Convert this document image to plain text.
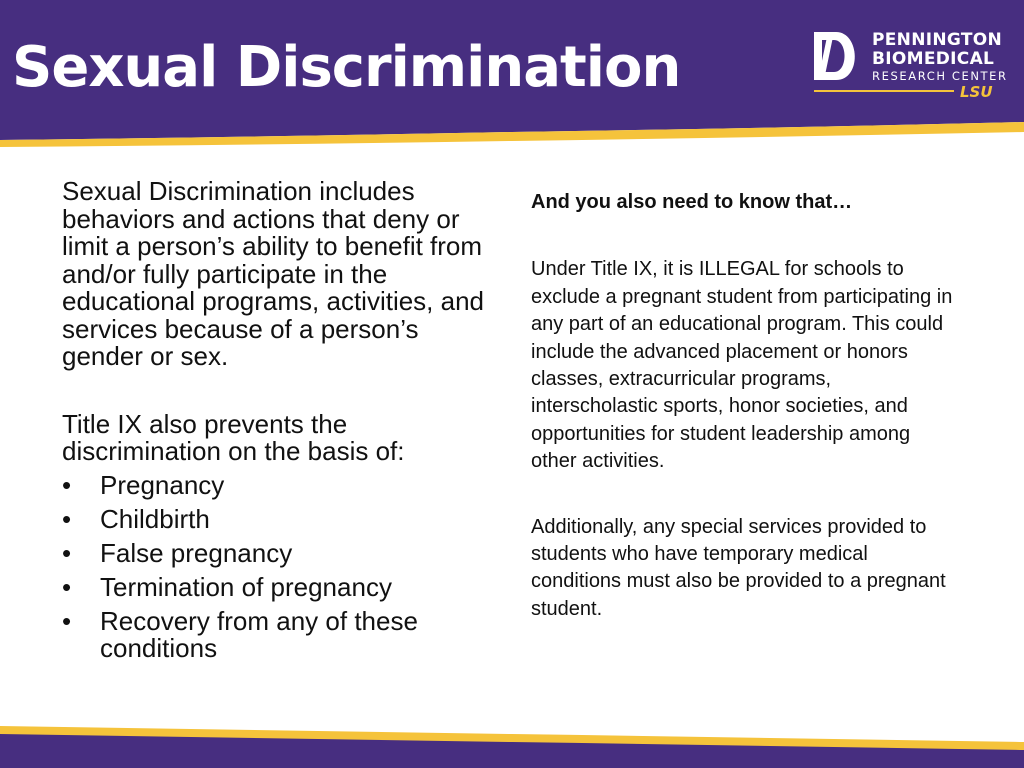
Sexual Discrimination	PENNINGTON
BIOMEDICAL
RESEARCH CENTER
LSU

Sexual Discrimination includes behaviors and actions that deny or limit a person’s ability to benefit from and/or fully participate in the educational programs, activities, and services because of a person’s gender or sex.

Title IX also prevents the discrimination on the basis of:

• Pregnancy
• Childbirth
• False pregnancy
• Termination of pregnancy
• Recovery from any of these conditions

And you also need to know that…

Under Title IX, it is ILLEGAL for schools to exclude a pregnant student from participating in any part of an educational program. This could include the advanced placement or honors classes, extracurricular programs, interscholastic sports, honor societies, and opportunities for student leadership among other activities.

Additionally, any special services provided to students who have temporary medical conditions must also be provided to a pregnant student.
